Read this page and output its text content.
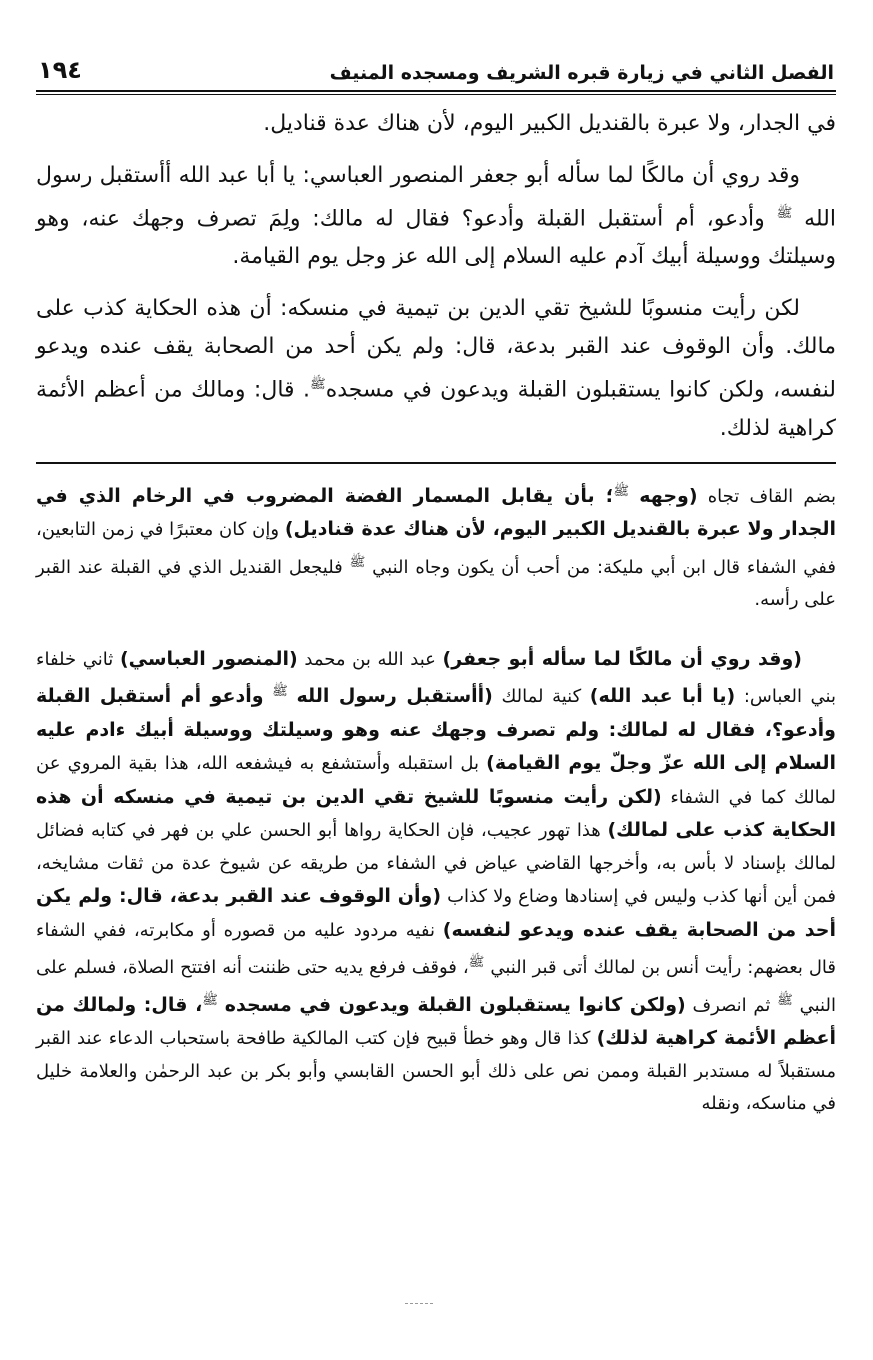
الفصل الثاني في زيارة قبره الشريف ومسجده المنيف
١٩٤

في الجدار، ولا عبرة بالقنديل الكبير اليوم، لأن هناك عدة قناديل.

وقد روي أن مالكًا لما سأله أبو جعفر المنصور العباسي: يا أبا عبد الله أأستقبل رسول الله $^ﷺ$ وأدعو، أم أستقبل القبلة وأدعو؟ فقال له مالك: ولِمَ تصرف وجهك عنه، وهو وسيلتك ووسيلة أبيك آدم عليه السلام إلى الله عز وجل يوم القيامة.

لكن رأيت منسوبًا للشيخ تقي الدين بن تيمية في منسكه: أن هذه الحكاية كذب على مالك. وأن الوقوف عند القبر بدعة، قال: ولم يكن أحد من الصحابة يقف عنده ويدعو لنفسه، ولكن كانوا يستقبلون القبلة ويدعون في مسجده$^ﷺ$. قال: ومالك من أعظم الأئمة كراهية لذلك.

بضم القاف تجاه (وجهه $^ﷺ$؛ بأن يقابل المسمار الفضة المضروب في الرخام الذي في الجدار ولا عبرة بالقنديل الكبير اليوم، لأن هناك عدة قناديل) وإن كان معتبرًا في زمن التابعين، ففي الشفاء قال ابن أبي مليكة: من أحب أن يكون وجاه النبي $^ﷺ$ فليجعل القنديل الذي في القبلة عند القبر على رأسه.

(وقد روي أن مالكًا لما سأله أبو جعفر) عبد الله بن محمد (المنصور العباسي) ثاني خلفاء بني العباس: (يا أبا عبد الله) كنية لمالك (أأستقبل رسول الله $^ﷺ$ وأدعو أم أستقبل القبلة وأدعو؟، فقال له لمالك: ولم تصرف وجهك عنه وهو وسيلتك ووسيلة أبيك ءادم عليه السلام إلى الله عزّ وجلّ يوم القيامة) بل استقبله وأستشفع به فيشفعه الله، هذا بقية المروي عن لمالك كما في الشفاء (لكن رأيت منسوبًا للشيخ تقي الدين بن تيمية في منسكه أن هذه الحكاية كذب على لمالك) هذا تهور عجيب، فإن الحكاية رواها أبو الحسن علي بن فهر في كتابه فضائل لمالك بإسناد لا بأس به، وأخرجها القاضي عياض في الشفاء من طريقه عن شيوخ عدة من ثقات مشايخه، فمن أين أنها كذب وليس في إسنادها وضاع ولا كذاب (وأن الوقوف عند القبر بدعة، قال: ولم يكن أحد من الصحابة يقف عنده ويدعو لنفسه) نفيه مردود عليه من قصوره أو مكابرته، ففي الشفاء قال بعضهم: رأيت أنس بن لمالك أتى قبر النبي $^ﷺ$، فوقف فرفع يديه حتى ظننت أنه افتتح الصلاة، فسلم على النبي $^ﷺ$ ثم انصرف (ولكن كانوا يستقبلون القبلة ويدعون في مسجده $^ﷺ$، قال: ولمالك من أعظم الأئمة كراهية لذلك) كذا قال وهو خطأ قبيح فإن كتب المالكية طافحة باستحباب الدعاء عند القبر مستقبلاً له مستدبر القبلة وممن نص على ذلك أبو الحسن القابسي وأبو بكر بن عبد الرحمٰن والعلامة خليل في مناسكه، ونقله
